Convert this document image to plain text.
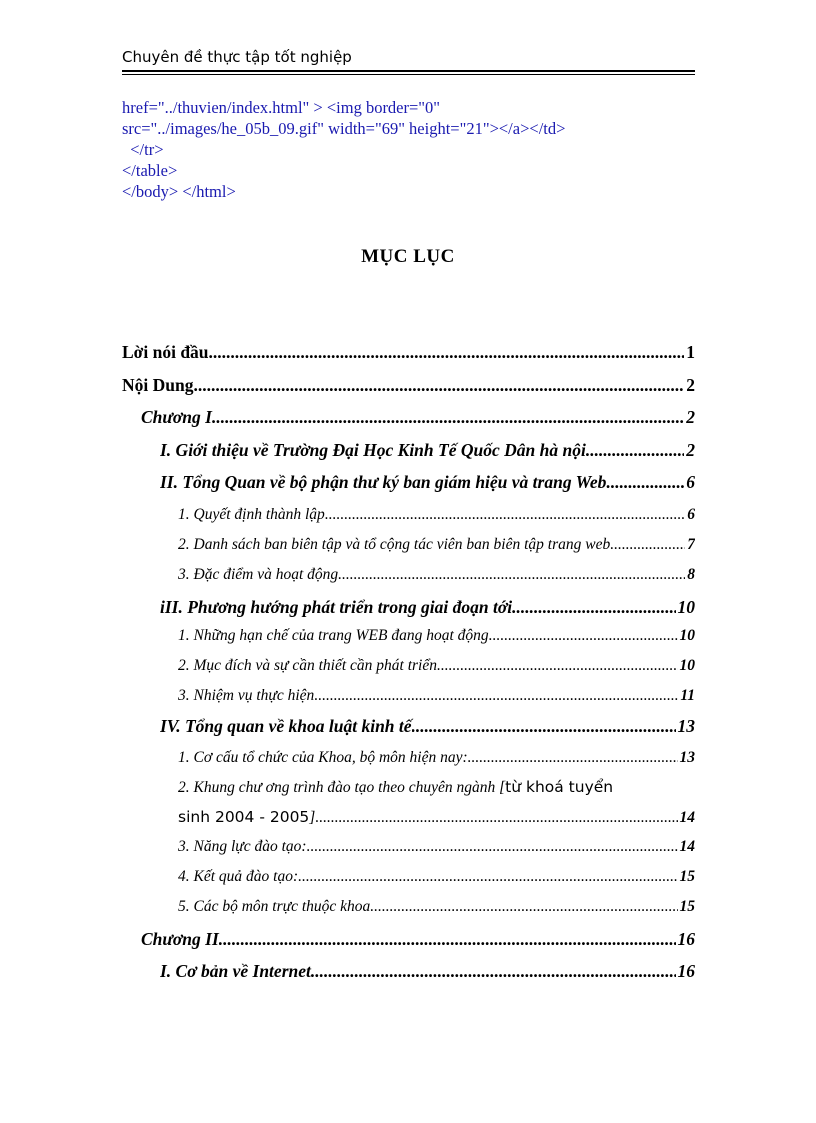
Chuyên đề thực tập tốt nghiệp
href="../thuvien/index.html" > <img border="0"
src="../images/he_05b_09.gif" width="69" height="21"></a></td>
</tr>
</table>
</body> </html>
MỤC LỤC
Lời nói đầu .....	1
Nội Dung .....	2
Chương I .....	2
I. Giới thiệu về Trường Đại Học Kinh Tế Quốc Dân hà nội .....	2
II. Tổng Quan về bộ phận thư ký ban giám hiệu và trang Web .....	6
1. Quyết định thành lập .....	6
2. Danh sách ban biên tập và tổ cộng tác viên ban biên tập trang web .....	7
3. Đặc điểm và hoạt động .....	8
iII. Phương hướng phát triển trong giai đoạn tới .....	10
1. Những hạn chế của trang WEB đang hoạt động .....	10
2. Mục đích và sự cần thiết cần phát triển .....	10
3. Nhiệm vụ thực hiện .....	11
IV. Tổng quan về khoa luật kinh tế .....	13
1. Cơ cấu tổ chức của Khoa, bộ môn hiện nay: .....	13
2. Khung chư ơng trình đào tạo theo chuyên ngành [từ khoá tuyển
sinh 2004 - 2005] .....	14
3. Năng lực đào tạo: .....	14
4. Kết quả đào tạo: .....	15
5. Các bộ môn trực thuộc khoa .....	15
Chương II .....	16
I. Cơ bản về Internet .....	16
